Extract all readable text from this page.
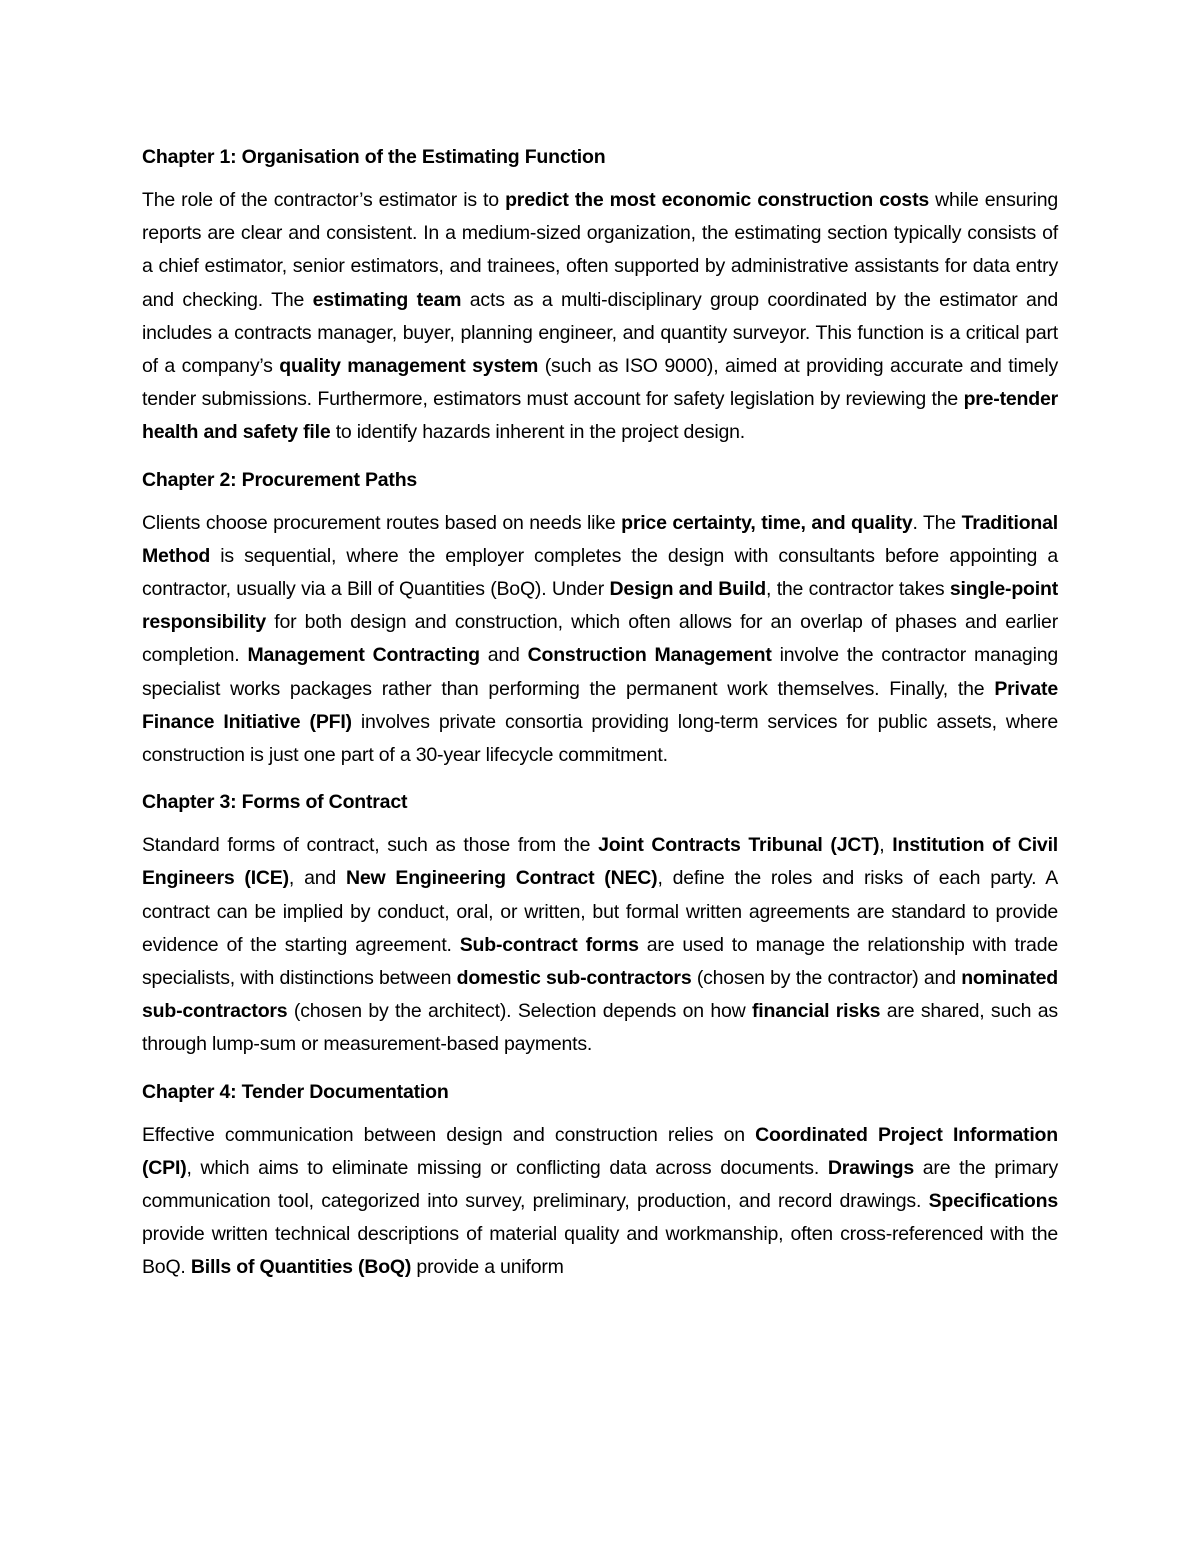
Chapter 1: Organisation of the Estimating Function
The role of the contractor’s estimator is to predict the most economic construction costs while ensuring reports are clear and consistent. In a medium-sized organization, the estimating section typically consists of a chief estimator, senior estimators, and trainees, often supported by administrative assistants for data entry and checking. The estimating team acts as a multi-disciplinary group coordinated by the estimator and includes a contracts manager, buyer, planning engineer, and quantity surveyor. This function is a critical part of a company’s quality management system (such as ISO 9000), aimed at providing accurate and timely tender submissions. Furthermore, estimators must account for safety legislation by reviewing the pre-tender health and safety file to identify hazards inherent in the project design.
Chapter 2: Procurement Paths
Clients choose procurement routes based on needs like price certainty, time, and quality. The Traditional Method is sequential, where the employer completes the design with consultants before appointing a contractor, usually via a Bill of Quantities (BoQ). Under Design and Build, the contractor takes single-point responsibility for both design and construction, which often allows for an overlap of phases and earlier completion. Management Contracting and Construction Management involve the contractor managing specialist works packages rather than performing the permanent work themselves. Finally, the Private Finance Initiative (PFI) involves private consortia providing long-term services for public assets, where construction is just one part of a 30-year lifecycle commitment.
Chapter 3: Forms of Contract
Standard forms of contract, such as those from the Joint Contracts Tribunal (JCT), Institution of Civil Engineers (ICE), and New Engineering Contract (NEC), define the roles and risks of each party. A contract can be implied by conduct, oral, or written, but formal written agreements are standard to provide evidence of the starting agreement. Sub-contract forms are used to manage the relationship with trade specialists, with distinctions between domestic sub-contractors (chosen by the contractor) and nominated sub-contractors (chosen by the architect). Selection depends on how financial risks are shared, such as through lump-sum or measurement-based payments.
Chapter 4: Tender Documentation
Effective communication between design and construction relies on Coordinated Project Information (CPI), which aims to eliminate missing or conflicting data across documents. Drawings are the primary communication tool, categorized into survey, preliminary, production, and record drawings. Specifications provide written technical descriptions of material quality and workmanship, often cross-referenced with the BoQ. Bills of Quantities (BoQ) provide a uniform
